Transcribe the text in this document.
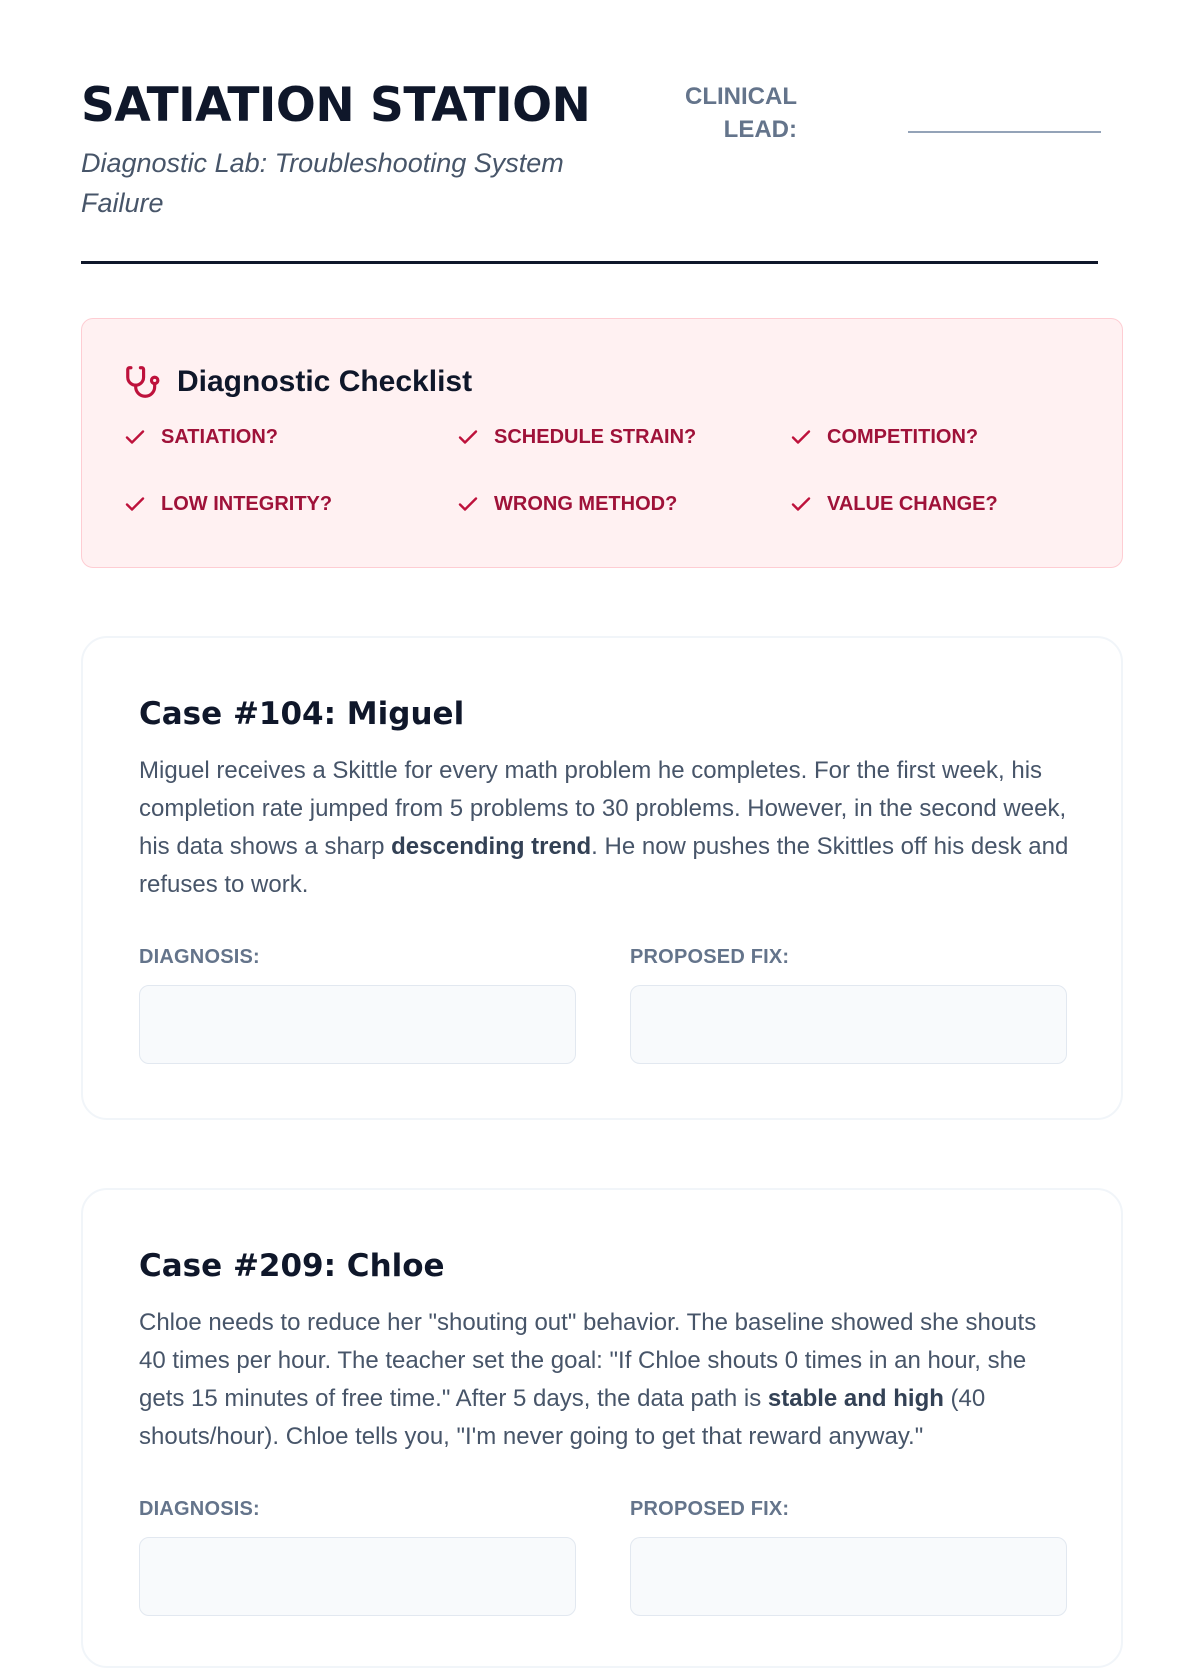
SATIATION STATION
Diagnostic Lab: Troubleshooting System Failure
CLINICAL LEAD:
Diagnostic Checklist
SATIATION?	SCHEDULE STRAIN?	COMPETITION?
LOW INTEGRITY?	WRONG METHOD?	VALUE CHANGE?
Case #104: Miguel
Miguel receives a Skittle for every math problem he completes. For the first week, his completion rate jumped from 5 problems to 30 problems. However, in the second week, his data shows a sharp descending trend. He now pushes the Skittles off his desk and refuses to work.
DIAGNOSIS:	PROPOSED FIX:
Case #209: Chloe
Chloe needs to reduce her "shouting out" behavior. The baseline showed she shouts 40 times per hour. The teacher set the goal: "If Chloe shouts 0 times in an hour, she gets 15 minutes of free time." After 5 days, the data path is stable and high (40 shouts/hour). Chloe tells you, "I'm never going to get that reward anyway."
DIAGNOSIS:	PROPOSED FIX:
